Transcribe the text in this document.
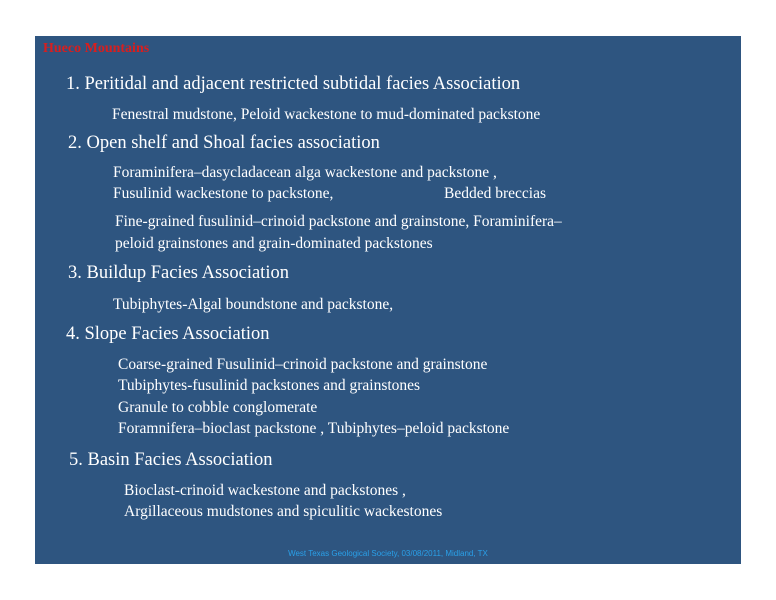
Hueco Mountains
1. Peritidal and adjacent restricted subtidal facies Association
Fenestral mudstone, Peloid wackestone to mud-dominated packstone
2. Open shelf and Shoal facies association
Foraminifera–dasycladacean alga wackestone and packstone ,
Fusulinid wackestone to packstone,	Bedded breccias
Fine-grained fusulinid–crinoid packstone and grainstone, Foraminifera–
peloid grainstones and grain-dominated packstones
3. Buildup Facies Association
Tubiphytes-Algal boundstone and packstone,
4. Slope Facies Association
Coarse-grained Fusulinid–crinoid packstone and grainstone
Tubiphytes-fusulinid packstones and grainstones
Granule to cobble conglomerate
Foramnifera–bioclast packstone , Tubiphytes–peloid packstone
5. Basin Facies Association
Bioclast-crinoid wackestone and packstones ,
Argillaceous mudstones and spiculitic wackestones
West Texas Geological Society, 03/08/2011, Midland, TX
